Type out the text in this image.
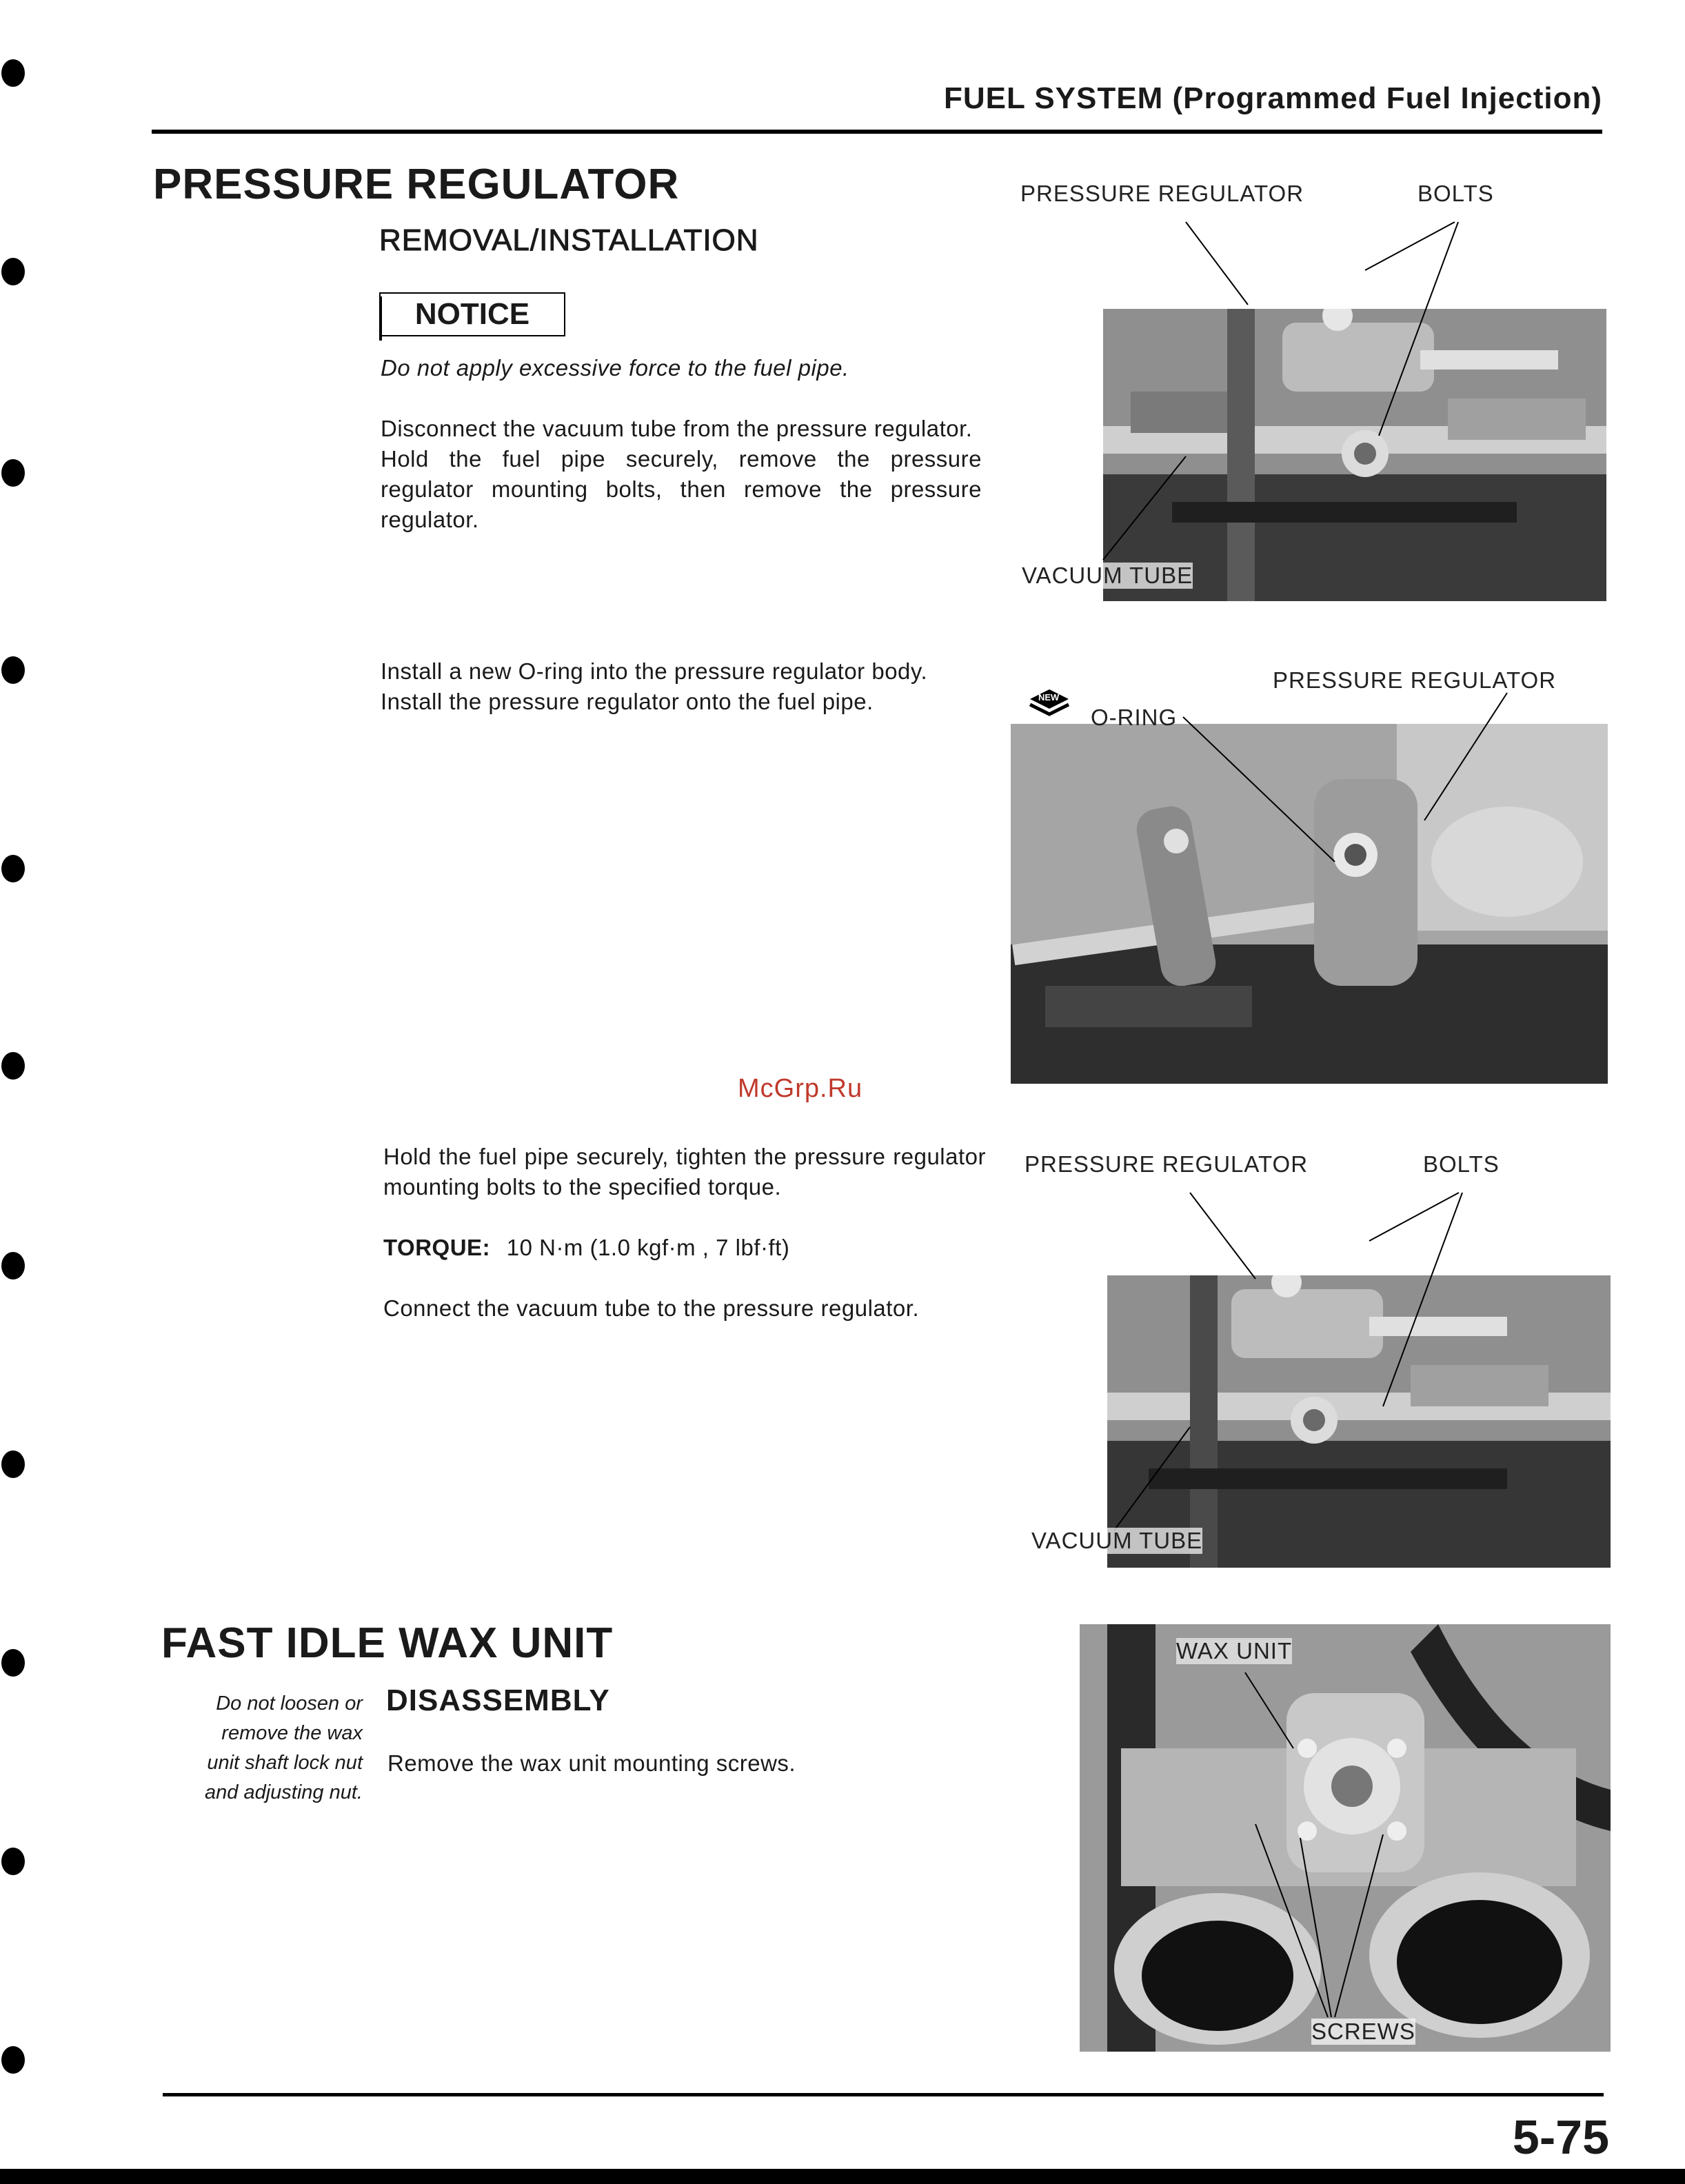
FUEL SYSTEM (Programmed Fuel Injection)
PRESSURE REGULATOR
REMOVAL/INSTALLATION
NOTICE
Do not apply excessive force to the fuel pipe.
Disconnect the vacuum tube from the pressure regulator.
Hold the fuel pipe securely, remove the pressure regulator mounting bolts, then remove the pressure regulator.
Install a new O-ring into the pressure regulator body.
Install the pressure regulator onto the fuel pipe.
McGrp.Ru
Hold the fuel pipe securely, tighten the pressure regulator mounting bolts to the specified torque.
TORQUE: 10 N·m (1.0 kgf·m , 7 lbf·ft)
Connect the vacuum tube to the pressure regulator.
FAST IDLE WAX UNIT
DISASSEMBLY
Do not loosen or
remove the wax
unit shaft lock nut
and adjusting nut.
Remove the wax unit mounting screws.
PRESSURE REGULATOR	BOLTS
VACUUM TUBE
NEW
O-RING
PRESSURE REGULATOR
PRESSURE REGULATOR	BOLTS
VACUUM TUBE
WAX UNIT
SCREWS
5-75
